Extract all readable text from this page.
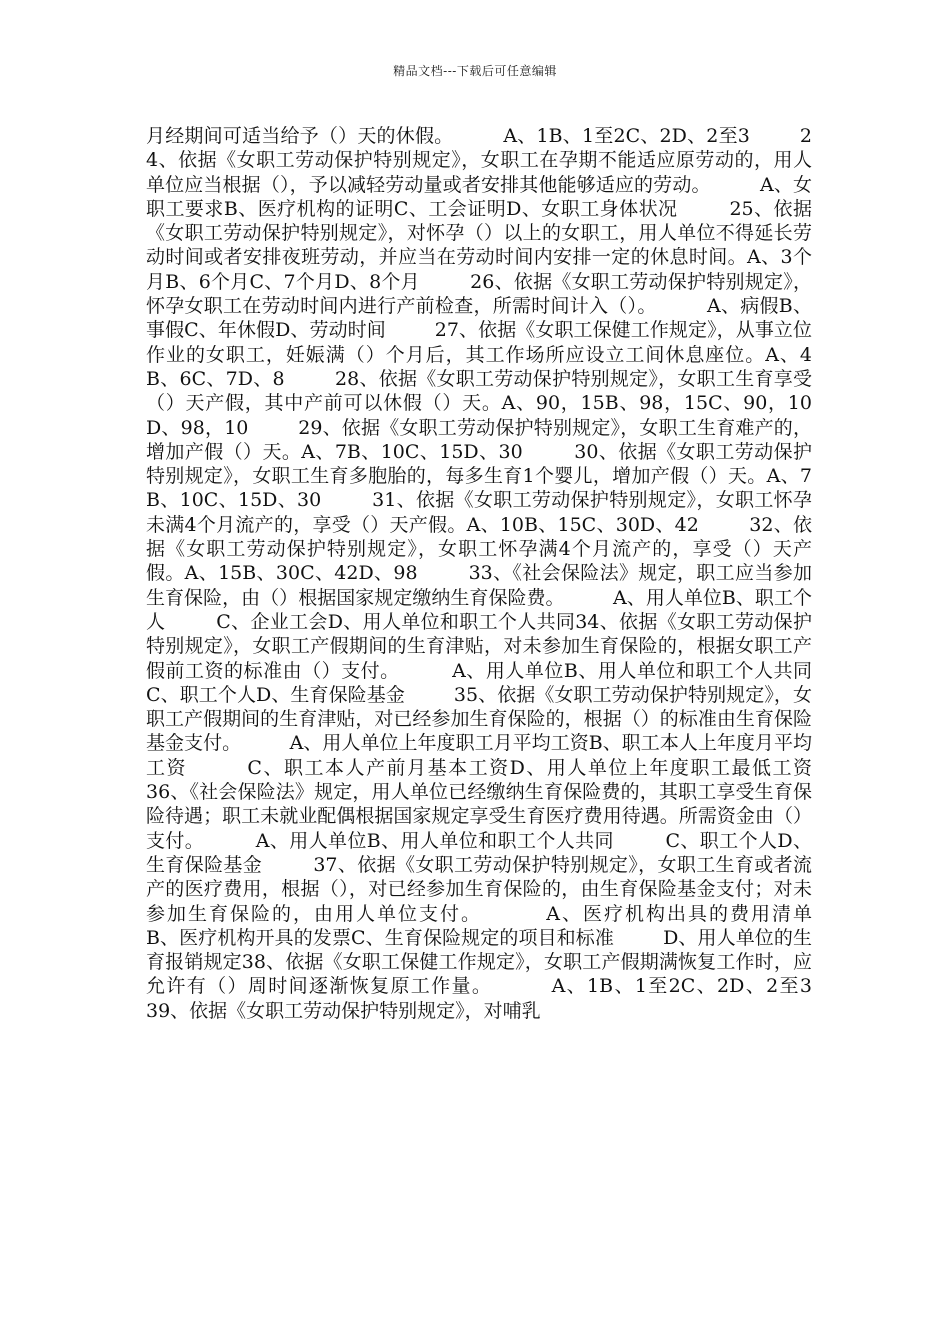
精品文档---下载后可任意编辑

月经期间可适当给予（）天的休假。        A、1B、1至2C、2D、2至3        24、依据《女职工劳动保护特别规定》，女职工在孕期不能适应原劳动的，用人单位应当根据（），予以减轻劳动量或者安排其他能够适应的劳动。        A、女职工要求B、医疗机构的证明C、工会证明D、女职工身体状况        25、依据《女职工劳动保护特别规定》，对怀孕（）以上的女职工，用人单位不得延长劳动时间或者安排夜班劳动，并应当在劳动时间内安排一定的休息时间。A、3个月B、6个月C、7个月D、8个月        26、依据《女职工劳动保护特别规定》，怀孕女职工在劳动时间内进行产前检查，所需时间计入（）。        A、病假B、事假C、年休假D、劳动时间        27、依据《女职工保健工作规定》，从事立位作业的女职工，妊娠满（）个月后，其工作场所应设立工间休息座位。A、4B、6C、7D、8        28、依据《女职工劳动保护特别规定》，女职工生育享受（）天产假，其中产前可以休假（）天。A、90，15B、98，15C、90，10D、98，10        29、依据《女职工劳动保护特别规定》，女职工生育难产的，增加产假（）天。A、7B、10C、15D、30        30、依据《女职工劳动保护特别规定》，女职工生育多胞胎的，每多生育1个婴儿，增加产假（）天。A、7B、10C、15D、30        31、依据《女职工劳动保护特别规定》，女职工怀孕未满4个月流产的，享受（）天产假。A、10B、15C、30D、42        32、依据《女职工劳动保护特别规定》，女职工怀孕满4个月流产的，享受（）天产假。A、15B、30C、42D、98        33、《社会保险法》规定，职工应当参加生育保险，由（）根据国家规定缴纳生育保险费。        A、用人单位B、职工个人        C、企业工会D、用人单位和职工个人共同34、依据《女职工劳动保护特别规定》，女职工产假期间的生育津贴，对未参加生育保险的，根据女职工产假前工资的标准由（）支付。        A、用人单位B、用人单位和职工个人共同        C、职工个人D、生育保险基金        35、依据《女职工劳动保护特别规定》，女职工产假期间的生育津贴，对已经参加生育保险的，根据（）的标准由生育保险基金支付。        A、用人单位上年度职工月平均工资B、职工本人上年度月平均工资        C、职工本人产前月基本工资D、用人单位上年度职工最低工资        36、《社会保险法》规定，用人单位已经缴纳生育保险费的，其职工享受生育保险待遇；职工未就业配偶根据国家规定享受生育医疗费用待遇。所需资金由（）支付。        A、用人单位B、用人单位和职工个人共同        C、职工个人D、生育保险基金        37、依据《女职工劳动保护特别规定》，女职工生育或者流产的医疗费用，根据（），对已经参加生育保险的，由生育保险基金支付；对未参加生育保险的，由用人单位支付。        A、医疗机构出具的费用清单        B、医疗机构开具的发票C、生育保险规定的项目和标准        D、用人单位的生育报销规定38、依据《女职工保健工作规定》，女职工产假期满恢复工作时，应允许有（）周时间逐渐恢复原工作量。        A、1B、1至2C、2D、2至3        39、依据《女职工劳动保护特别规定》，对哺乳
